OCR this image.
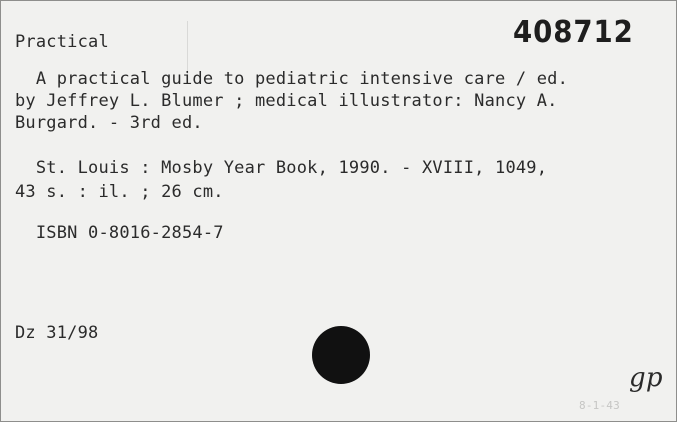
Practical	408712
A practical guide to pediatric intensive care / ed.
by Jeffrey L. Blumer ; medical illustrator: Nancy A.
Burgard. - 3rd ed.
St. Louis : Mosby Year Book, 1990. - XVIII, 1049,
43 s. : il. ; 26 cm.
ISBN 0-8016-2854-7
Dz 31/98
gp
8-1-43
